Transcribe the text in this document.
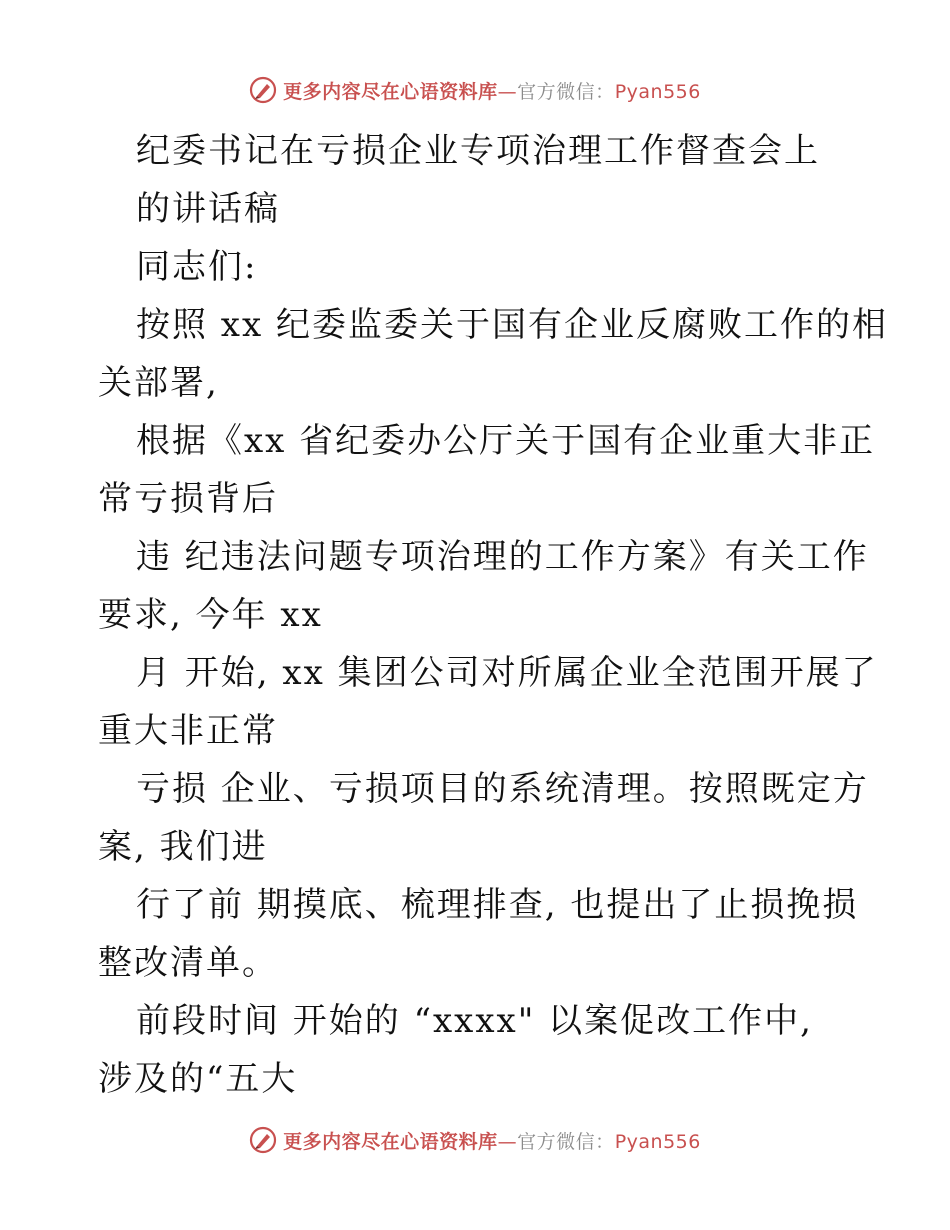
更多内容尽在心语资料库—官方微信：Pyan556
纪委书记在亏损企业专项治理工作督查会上
的讲话稿
同志们:
按照 xx 纪委监委关于国有企业反腐败工作的相
关部署,
根据《xx 省纪委办公厅关于国有企业重大非正
常亏损背后
违 纪违法问题专项治理的工作方案》有关工作
要求, 今年 xx
月 开始, xx 集团公司对所属企业全范围开展了
重大非正常
亏损 企业、亏损项目的系统清理。按照既定方
案, 我们进
行了前 期摸底、梳理排查, 也提出了止损挽损
整改清单。
前段时间 开始的 “xxxx" 以案促改工作中,
涉及的“五大
更多内容尽在心语资料库—官方微信：Pyan556
